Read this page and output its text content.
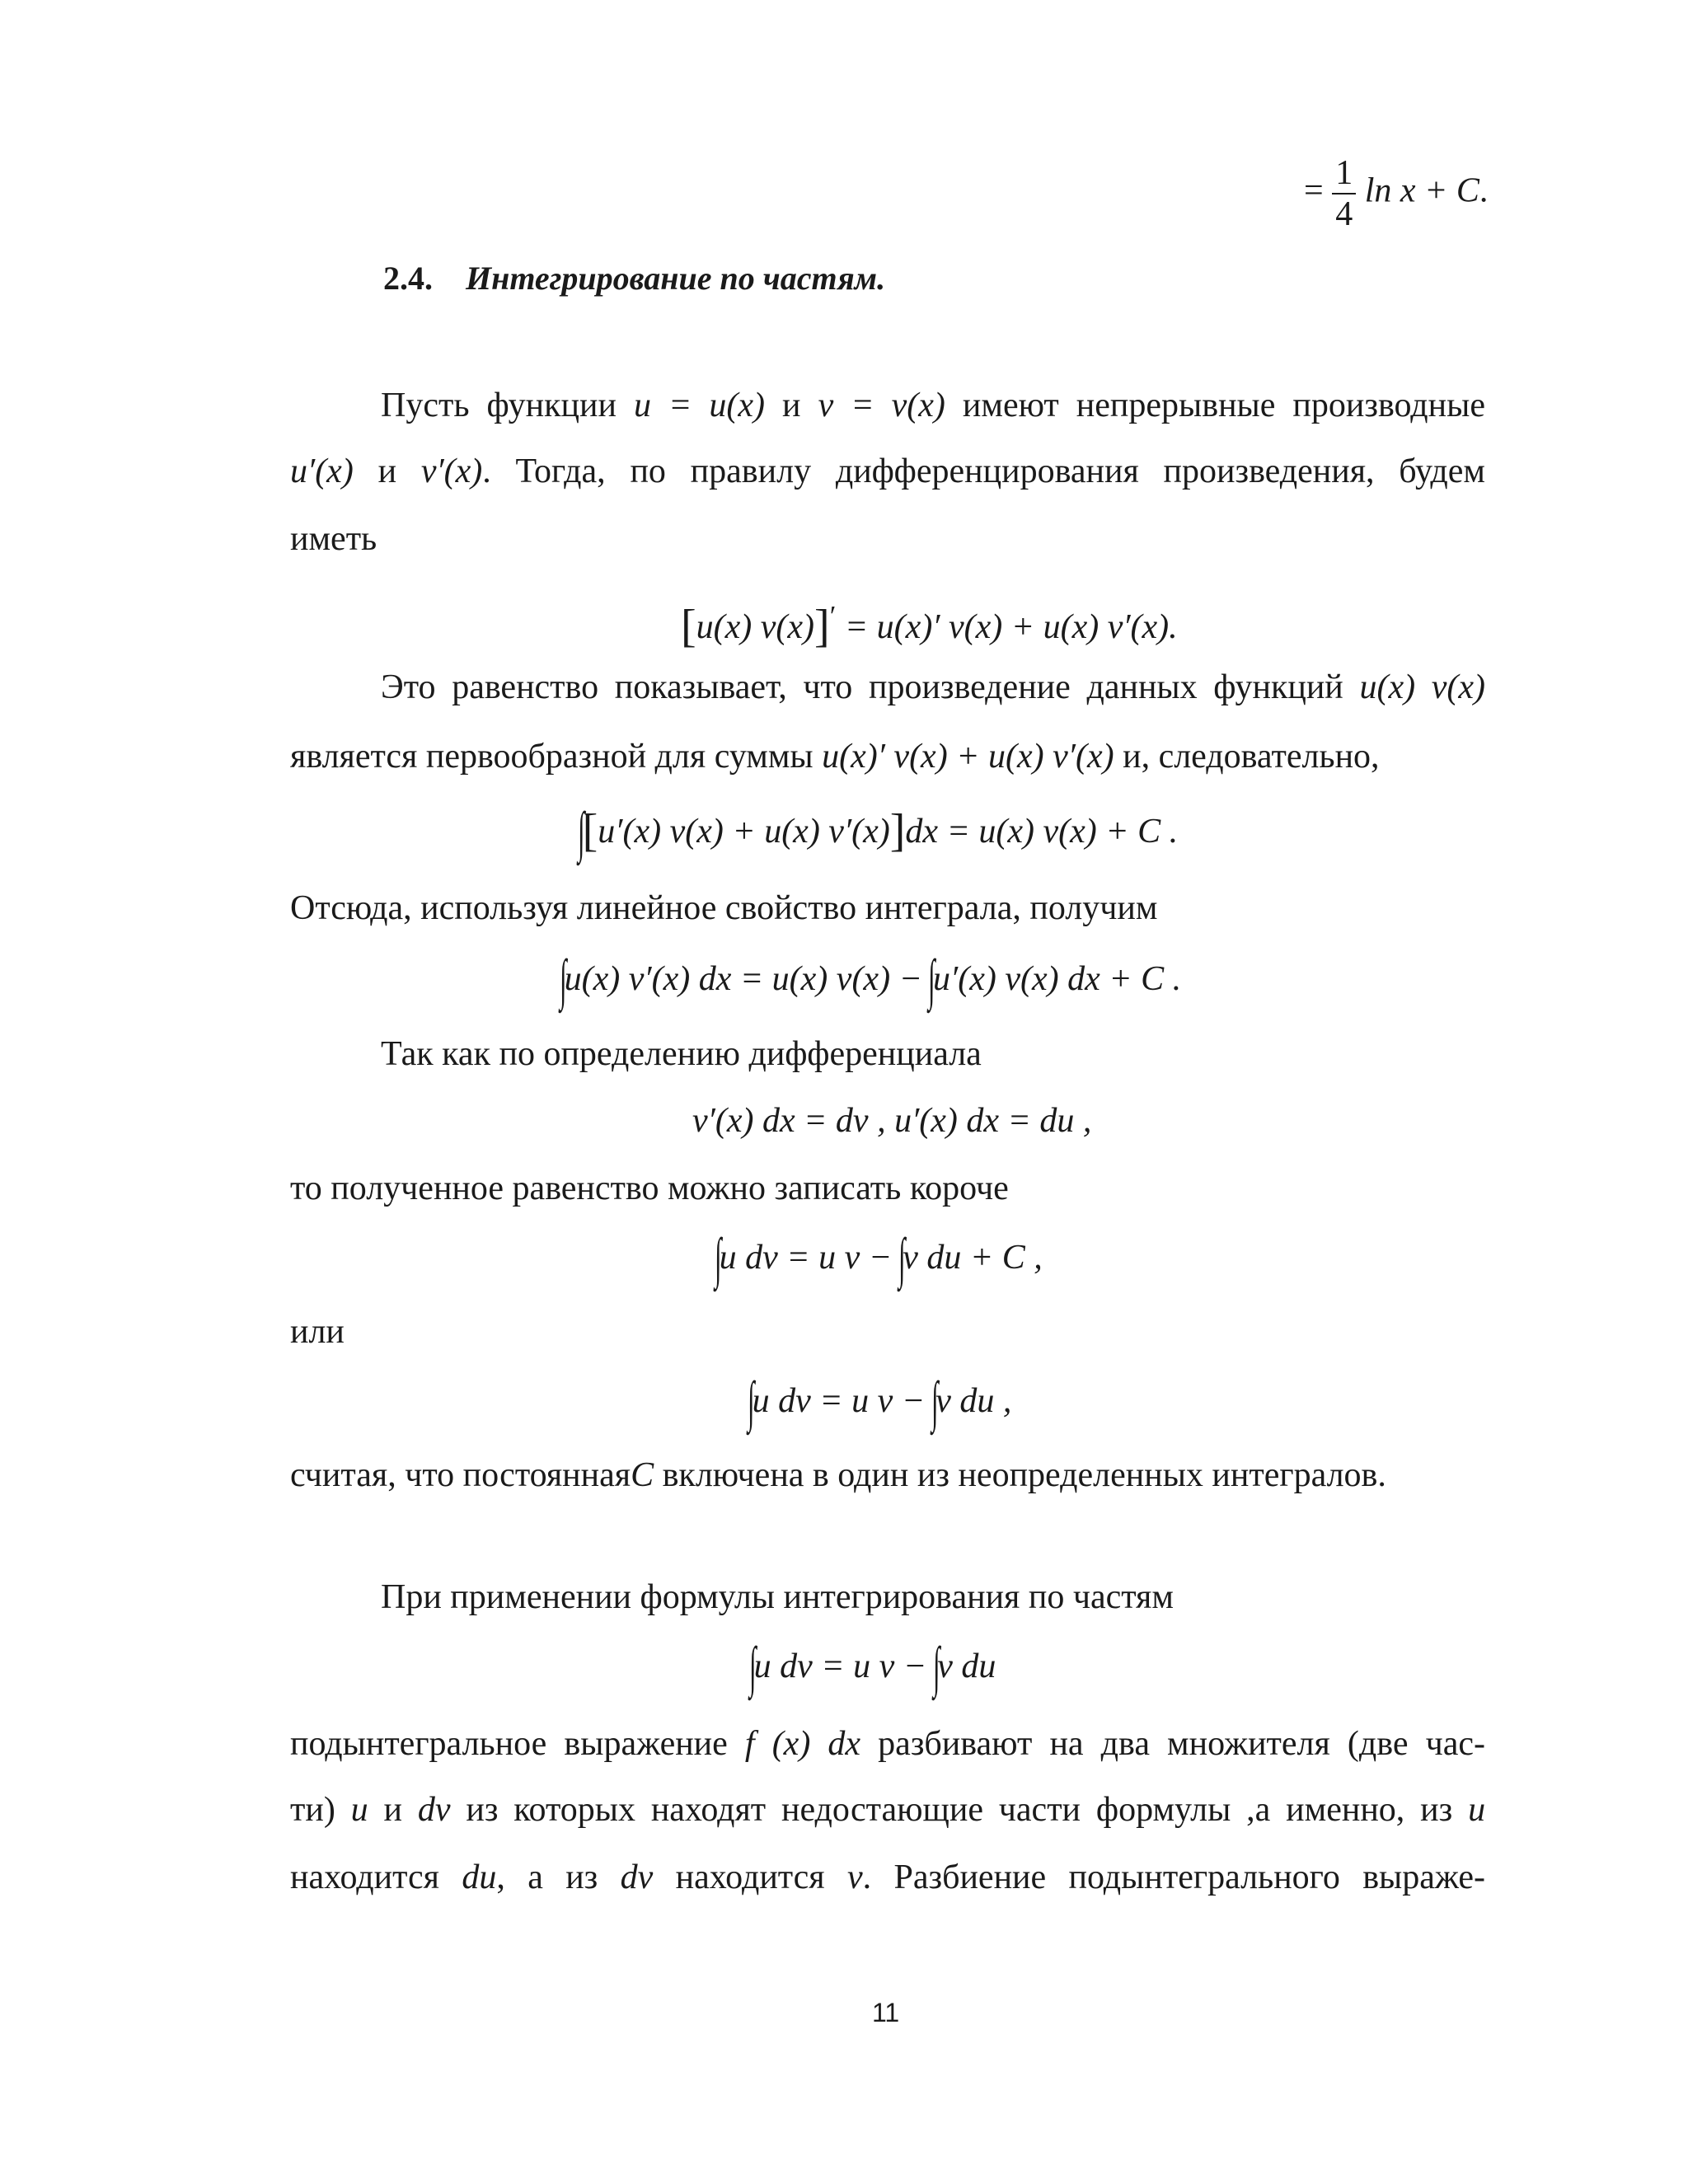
= $\frac{1}{4}$ ln x + C.
2.4. Интегрирование по частям.
Пусть функции u = u(x) и v = v(x) имеют непрерывные производные
u′(x) и v′(x). Тогда, по правилу дифференцирования произведения, будем
иметь
[u(x) v(x)]′ = u(x)′ v(x) + u(x) v′(x).
Это равенство показывает, что произведение данных функций u(x) v(x)
является первообразной для суммы u(x)′ v(x) + u(x) v′(x) и, следовательно,
∫[u′(x) v(x) + u(x) v′(x)]dx = u(x) v(x) + C .
Отсюда, используя линейное свойство интеграла, получим
∫u(x) v′(x) dx = u(x) v(x) − ∫u′(x) v(x) dx + C .
Так как по определению дифференциала
v′(x) dx = dv , u′(x) dx = du ,
то полученное равенство можно записать короче
∫u dv = u v − ∫v du + C ,
или
∫u dv = u v − ∫v du ,
считая, что постояннаяC включена в один из неопределенных интегралов.
При применении формулы интегрирования по частям
∫u dv = u v − ∫v du
подынтегральное выражение f (x) dx разбивают на два множителя (две час-
ти) u и dv из которых находят недостающие части формулы ,а именно, из u
находится du, а из dv находится v. Разбиение подынтегрального выраже-
11
